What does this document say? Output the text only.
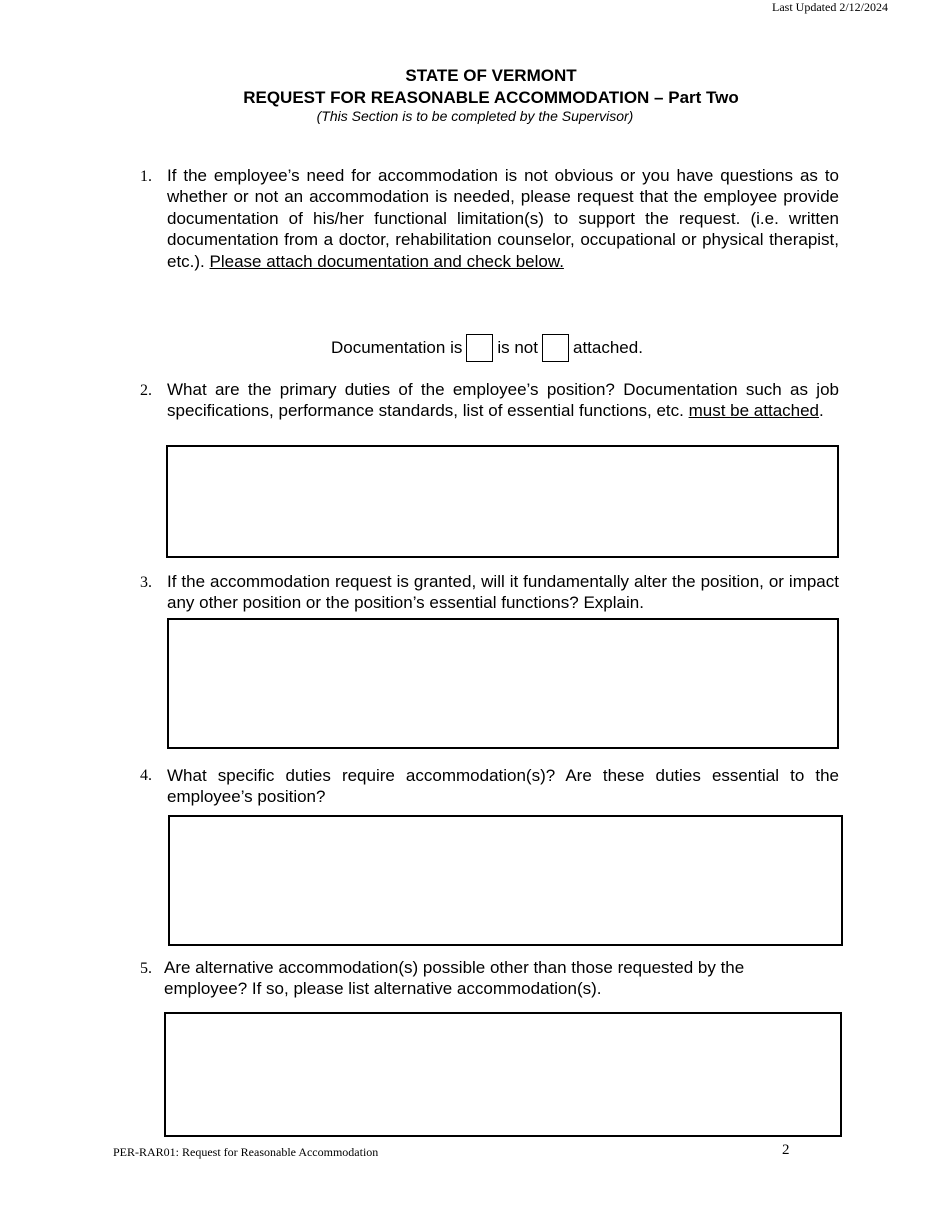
Last Updated 2/12/2024
STATE OF VERMONT
REQUEST FOR REASONABLE ACCOMMODATION – Part Two
(This Section is to be completed by the Supervisor)
1. If the employee’s need for accommodation is not obvious or you have questions as to whether or not an accommodation is needed, please request that the employee provide documentation of his/her functional limitation(s) to support the request. (i.e. written documentation from a doctor, rehabilitation counselor, occupational or physical therapist, etc.). Please attach documentation and check below.
Documentation is is not attached.
2. What are the primary duties of the employee’s position? Documentation such as job specifications, performance standards, list of essential functions, etc. must be attached.
3. If the accommodation request is granted, will it fundamentally alter the position, or impact any other position or the position’s essential functions? Explain.
4. What specific duties require accommodation(s)? Are these duties essential to the employee’s position?
5. Are alternative accommodation(s) possible other than those requested by the employee? If so, please list alternative accommodation(s).
PER-RAR01: Request for Reasonable Accommodation	2
